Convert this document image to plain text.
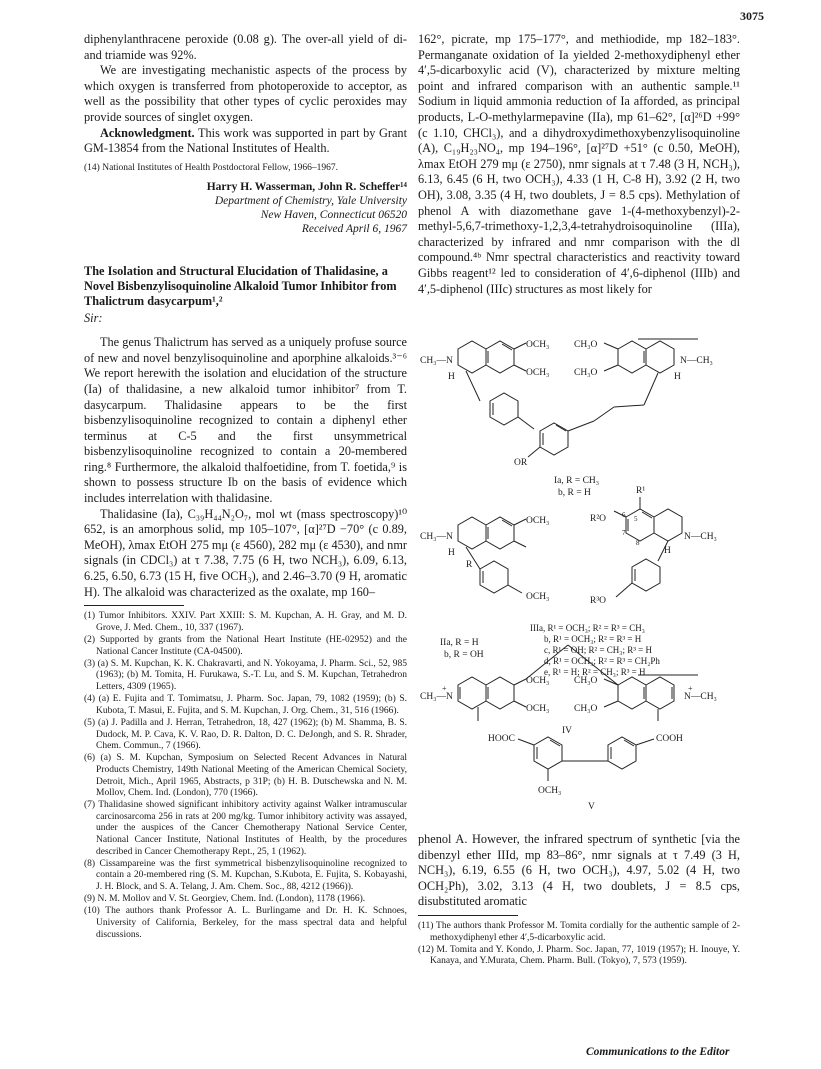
3075

diphenylanthracene peroxide (0.08 g). The over-all yield of di- and triamide was 92%.

We are investigating mechanistic aspects of the process by which oxygen is transferred from photoperoxide to acceptor, as well as the possibility that other types of cyclic peroxides may provide sources of singlet oxygen.

Acknowledgment. This work was supported in part by Grant GM-13854 from the National Institutes of Health.

(14) National Institutes of Health Postdoctoral Fellow, 1966–1967.

Harry H. Wasserman, John R. Scheffer¹⁴
Department of Chemistry, Yale University
New Haven, Connecticut 06520
Received April 6, 1967

The Isolation and Structural Elucidation of Thalidasine, a Novel Bisbenzylisoquinoline Alkaloid Tumor Inhibitor from Thalictrum dasycarpum¹,²

Sir:

The genus Thalictrum has served as a uniquely profuse source of new and novel benzylisoquinoline and aporphine alkaloids.³⁻⁶ We report herewith the isolation and elucidation of the structure (Ia) of thalidasine, a new alkaloid tumor inhibitor⁷ from T. dasycarpum. Thalidasine appears to be the first bisbenzylisoquinoline recognized to contain a diphenyl ether terminus at C-5 and the first unsymmetrical bisbenzylisoquinoline recognized to contain a 20-membered ring.⁸ Furthermore, the alkaloid thalfoetidine, from T. foetida,⁹ is shown to possess structure Ib on the basis of evidence which includes interrelation with thalidasine.

Thalidasine (Ia), C₃₉H₄₄N₂O₇, mol wt (mass spectroscopy)¹⁰ 652, is an amorphous solid, mp 105–107°, [α]²⁷D −70° (c 0.89, MeOH), λmax EtOH 275 mμ (ε 4560), 282 mμ (ε 4530), and nmr signals (in CDCl₃) at τ 7.38, 7.75 (6 H, two NCH₃), 6.09, 6.13, 6.25, 6.50, 6.73 (15 H, five OCH₃), and 2.46–3.70 (9 H, aromatic H). The alkaloid was characterized as the oxalate, mp 160–

(1) Tumor Inhibitors. XXIV. Part XXIII: S. M. Kupchan, A. H. Gray, and M. D. Grove, J. Med. Chem., 10, 337 (1967).

(2) Supported by grants from the National Heart Institute (HE-02952) and the National Cancer Institute (CA-04500).

(3) (a) S. M. Kupchan, K. K. Chakravarti, and N. Yokoyama, J. Pharm. Sci., 52, 985 (1963); (b) M. Tomita, H. Furukawa, S.-T. Lu, and S. M. Kupchan, Tetrahedron Letters, 4309 (1965).

(4) (a) E. Fujita and T. Tomimatsu, J. Pharm. Soc. Japan, 79, 1082 (1959); (b) S. Kubota, T. Masui, E. Fujita, and S. M. Kupchan, J. Org. Chem., 31, 516 (1966).

(5) (a) J. Padilla and J. Herran, Tetrahedron, 18, 427 (1962); (b) M. Shamma, B. S. Dudock, M. P. Cava, K. V. Rao, D. R. Dalton, D. C. DeJongh, and S. R. Shrader, Chem. Commun., 7 (1966).

(6) (a) S. M. Kupchan, Symposium on Selected Recent Advances in Natural Products Chemistry, 149th National Meeting of the American Chemical Society, Detroit, Mich., April 1965, Abstracts, p 31P; (b) H. B. Dutschewska and N. M. Mollov, Chem. Ind. (London), 770 (1966).

(7) Thalidasine showed significant inhibitory activity against Walker intramuscular carcinosarcoma 256 in rats at 200 mg/kg. Tumor inhibitory activity was assayed, under the auspices of the Cancer Chemotherapy National Service Center, National Cancer Institute, National Institutes of Health, by the procedures described in Cancer Chemotherapy Rept., 25, 1 (1962).

(8) Cissampareine was the first symmetrical bisbenzylisoquinoline recognized to contain a 20-membered ring (S. M. Kupchan, S.Kubota, E. Fujita, S. Kobayashi, J. H. Block, and S. A. Telang, J. Am. Chem. Soc., 88, 4212 (1966)).

(9) N. M. Mollov and V. St. Georgiev, Chem. Ind. (London), 1178 (1966).

(10) The authors thank Professor A. L. Burlingame and Dr. H. K. Schnoes, University of California, Berkeley, for the mass spectral data and helpful discussions.

162°, picrate, mp 175–177°, and methiodide, mp 182–183°. Permanganate oxidation of Ia yielded 2-methoxydiphenyl ether 4′,5-dicarboxylic acid (V), characterized by mixture melting point and infrared comparison with an authentic sample.¹¹ Sodium in liquid ammonia reduction of Ia afforded, as principal products, L-O-methylarmepavine (IIa), mp 61–62°, [α]²⁶D +99° (c 1.10, CHCl₃), and a dihydroxydimethoxybenzylisoquinoline (A), C₁₉H₂₃NO₄, mp 194–196°, [α]²⁷D +51° (c 0.50, MeOH), λmax EtOH 279 mμ (ε 2750), nmr signals at τ 7.48 (3 H, NCH₃), 6.13, 6.45 (6 H, two OCH₃), 4.33 (1 H, C-8 H), 3.92 (2 H, two OH), 3.08, 3.35 (4 H, two doublets, J = 8.5 cps). Methylation of phenol A with diazomethane gave 1-(4-methoxybenzyl)-2-methyl-5,6,7-trimethoxy-1,2,3,4-tetrahydroisoquinoline (IIIa), characterized by infrared and nmr comparison with the dl compound.⁴ᵇ Nmr spectral characteristics and reactivity toward Gibbs reagent¹² led to consideration of 4′,6-diphenol (IIIb) and 4′,5-diphenol (IIIc) structures as most likely for

OCH₃
OCH₃
CH₃O
CH₃O
CH₃—N	N—CH₃
H	H
OR
Ia, R = CH₃
b, R = H
OCH₃
OCH₃
CH₃—N
H
R
IIa, R = H
b, R = OH
R¹
R²O
R³O
N—CH₃
H
5
6
7
8
IIIa, R¹ = OCH₃; R² = R³ = CH₃
b, R¹ = OCH₃; R² = R³ = H
c, R¹ = OH; R² = CH₃; R³ = H
d, R¹ = OCH₃; R² = R³ = CH₂Ph
e, R¹ = H; R² = CH₃; R³ = H
OCH₃
OCH₃
CH₃O
CH₃O
CH₃—N	N—CH₃
+	+
IV
HOOC	COOH
OCH₃
V

phenol A. However, the infrared spectrum of synthetic [via the dibenzyl ether IIId, mp 83–86°, nmr signals at τ 7.49 (3 H, NCH₃), 6.19, 6.55 (6 H, two OCH₃), 4.97, 5.02 (4 H, two OCH₂Ph), 3.02, 3.13 (4 H, two doublets, J = 8.5 cps, disubstituted aromatic

(11) The authors thank Professor M. Tomita cordially for the authentic sample of 2-methoxydiphenyl ether 4′,5-dicarboxylic acid.

(12) M. Tomita and Y. Kondo, J. Pharm. Soc. Japan, 77, 1019 (1957); H. Inouye, Y. Kanaya, and Y.Murata, Chem. Pharm. Bull. (Tokyo), 7, 573 (1959).

Communications to the Editor
